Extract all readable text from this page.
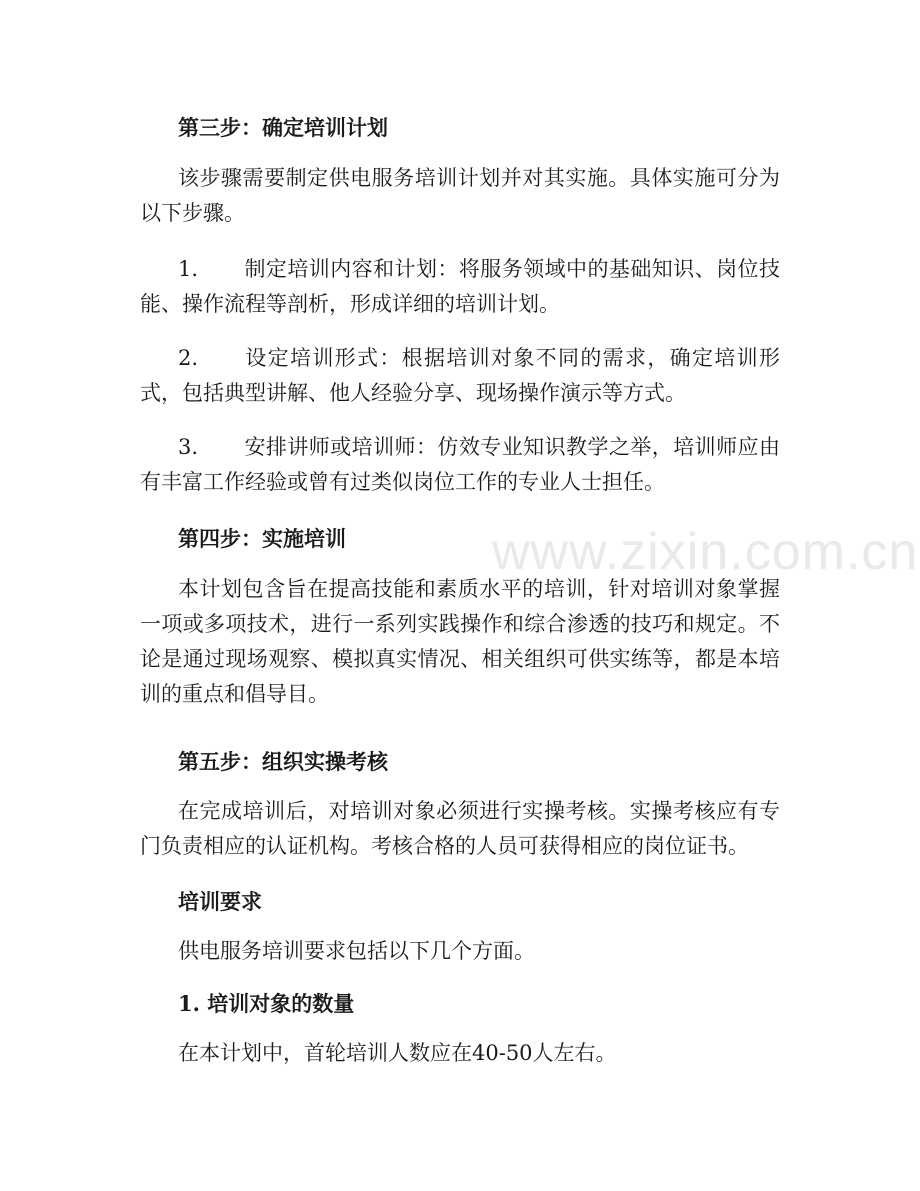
www.zixin.com.cn

第三步：确定培训计划

该步骤需要制定供电服务培训计划并对其实施。具体实施可分为以下步骤。

1. 制定培训内容和计划：将服务领域中的基础知识、岗位技能、操作流程等剖析，形成详细的培训计划。

2. 设定培训形式：根据培训对象不同的需求，确定培训形式，包括典型讲解、他人经验分享、现场操作演示等方式。

3. 安排讲师或培训师：仿效专业知识教学之举，培训师应由有丰富工作经验或曾有过类似岗位工作的专业人士担任。

第四步：实施培训

本计划包含旨在提高技能和素质水平的培训，针对培训对象掌握一项或多项技术，进行一系列实践操作和综合渗透的技巧和规定。不论是通过现场观察、模拟真实情况、相关组织可供实练等，都是本培训的重点和倡导目。

第五步：组织实操考核

在完成培训后，对培训对象必须进行实操考核。实操考核应有专门负责相应的认证机构。考核合格的人员可获得相应的岗位证书。

培训要求

供电服务培训要求包括以下几个方面。

1. 培训对象的数量

在本计划中，首轮培训人数应在40-50人左右。
